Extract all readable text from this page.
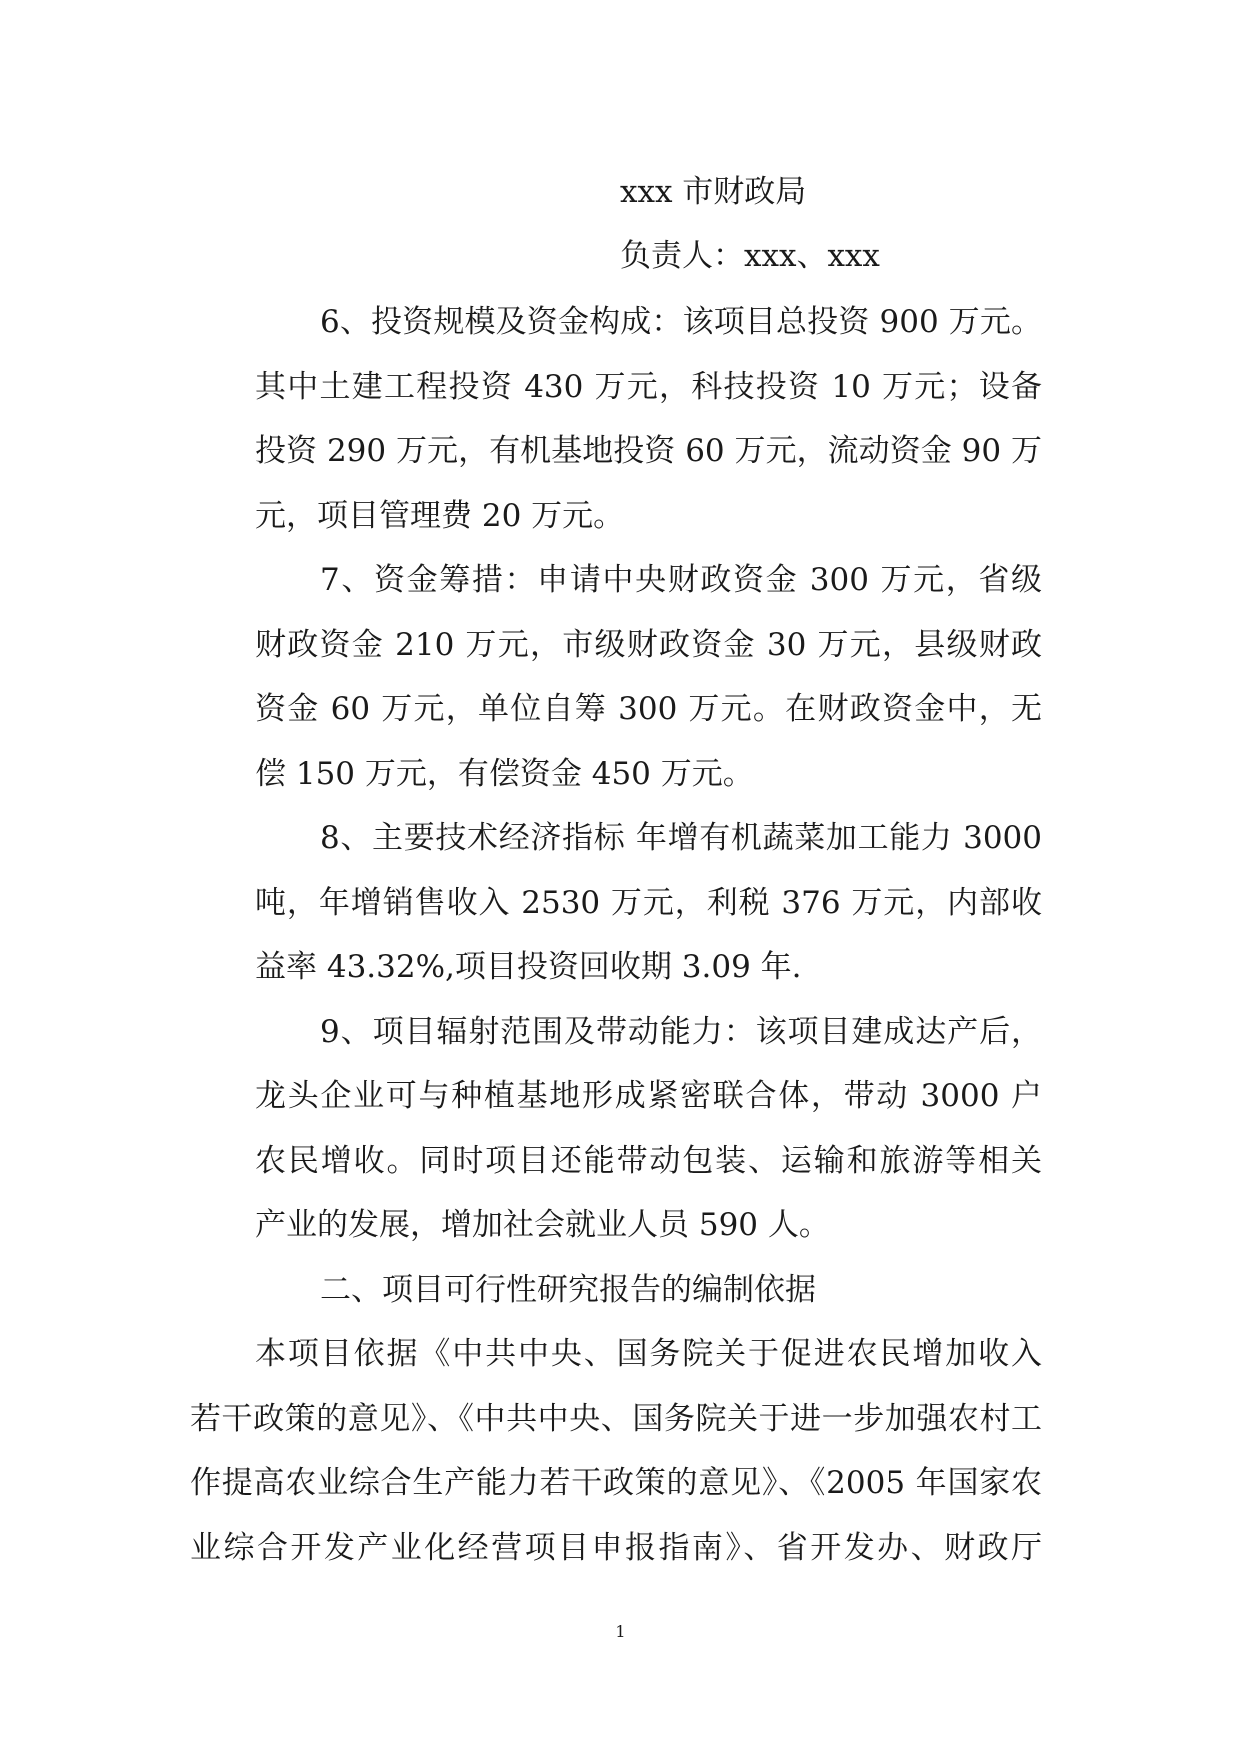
xxx 市财政局
负责人：xxx、xxx
6、投资规模及资金构成：该项目总投资 900 万元。
其中土建工程投资 430 万元，科技投资 10 万元；设备
投资 290 万元，有机基地投资 60 万元，流动资金 90 万
元，项目管理费 20 万元。
7、资金筹措：申请中央财政资金 300 万元，省级
财政资金 210 万元，市级财政资金 30 万元，县级财政
资金 60 万元，单位自筹 300 万元。在财政资金中，无
偿 150 万元，有偿资金 450 万元。
8、主要技术经济指标 年增有机蔬菜加工能力 3000
吨，年增销售收入 2530 万元，利税 376 万元，内部收
益率 43.32%,项目投资回收期 3.09 年.
9、项目辐射范围及带动能力：该项目建成达产后，
龙头企业可与种植基地形成紧密联合体，带动 3000 户
农民增收。同时项目还能带动包装、运输和旅游等相关
产业的发展，增加社会就业人员 590 人。
二、项目可行性研究报告的编制依据
本项目依据《中共中央、国务院关于促进农民增加收入
若干政策的意见》、《中共中央、国务院关于进一步加强农村工
作提高农业综合生产能力若干政策的意见》、《2005 年国家农
业综合开发产业化经营项目申报指南》、省开发办、财政厅
1
